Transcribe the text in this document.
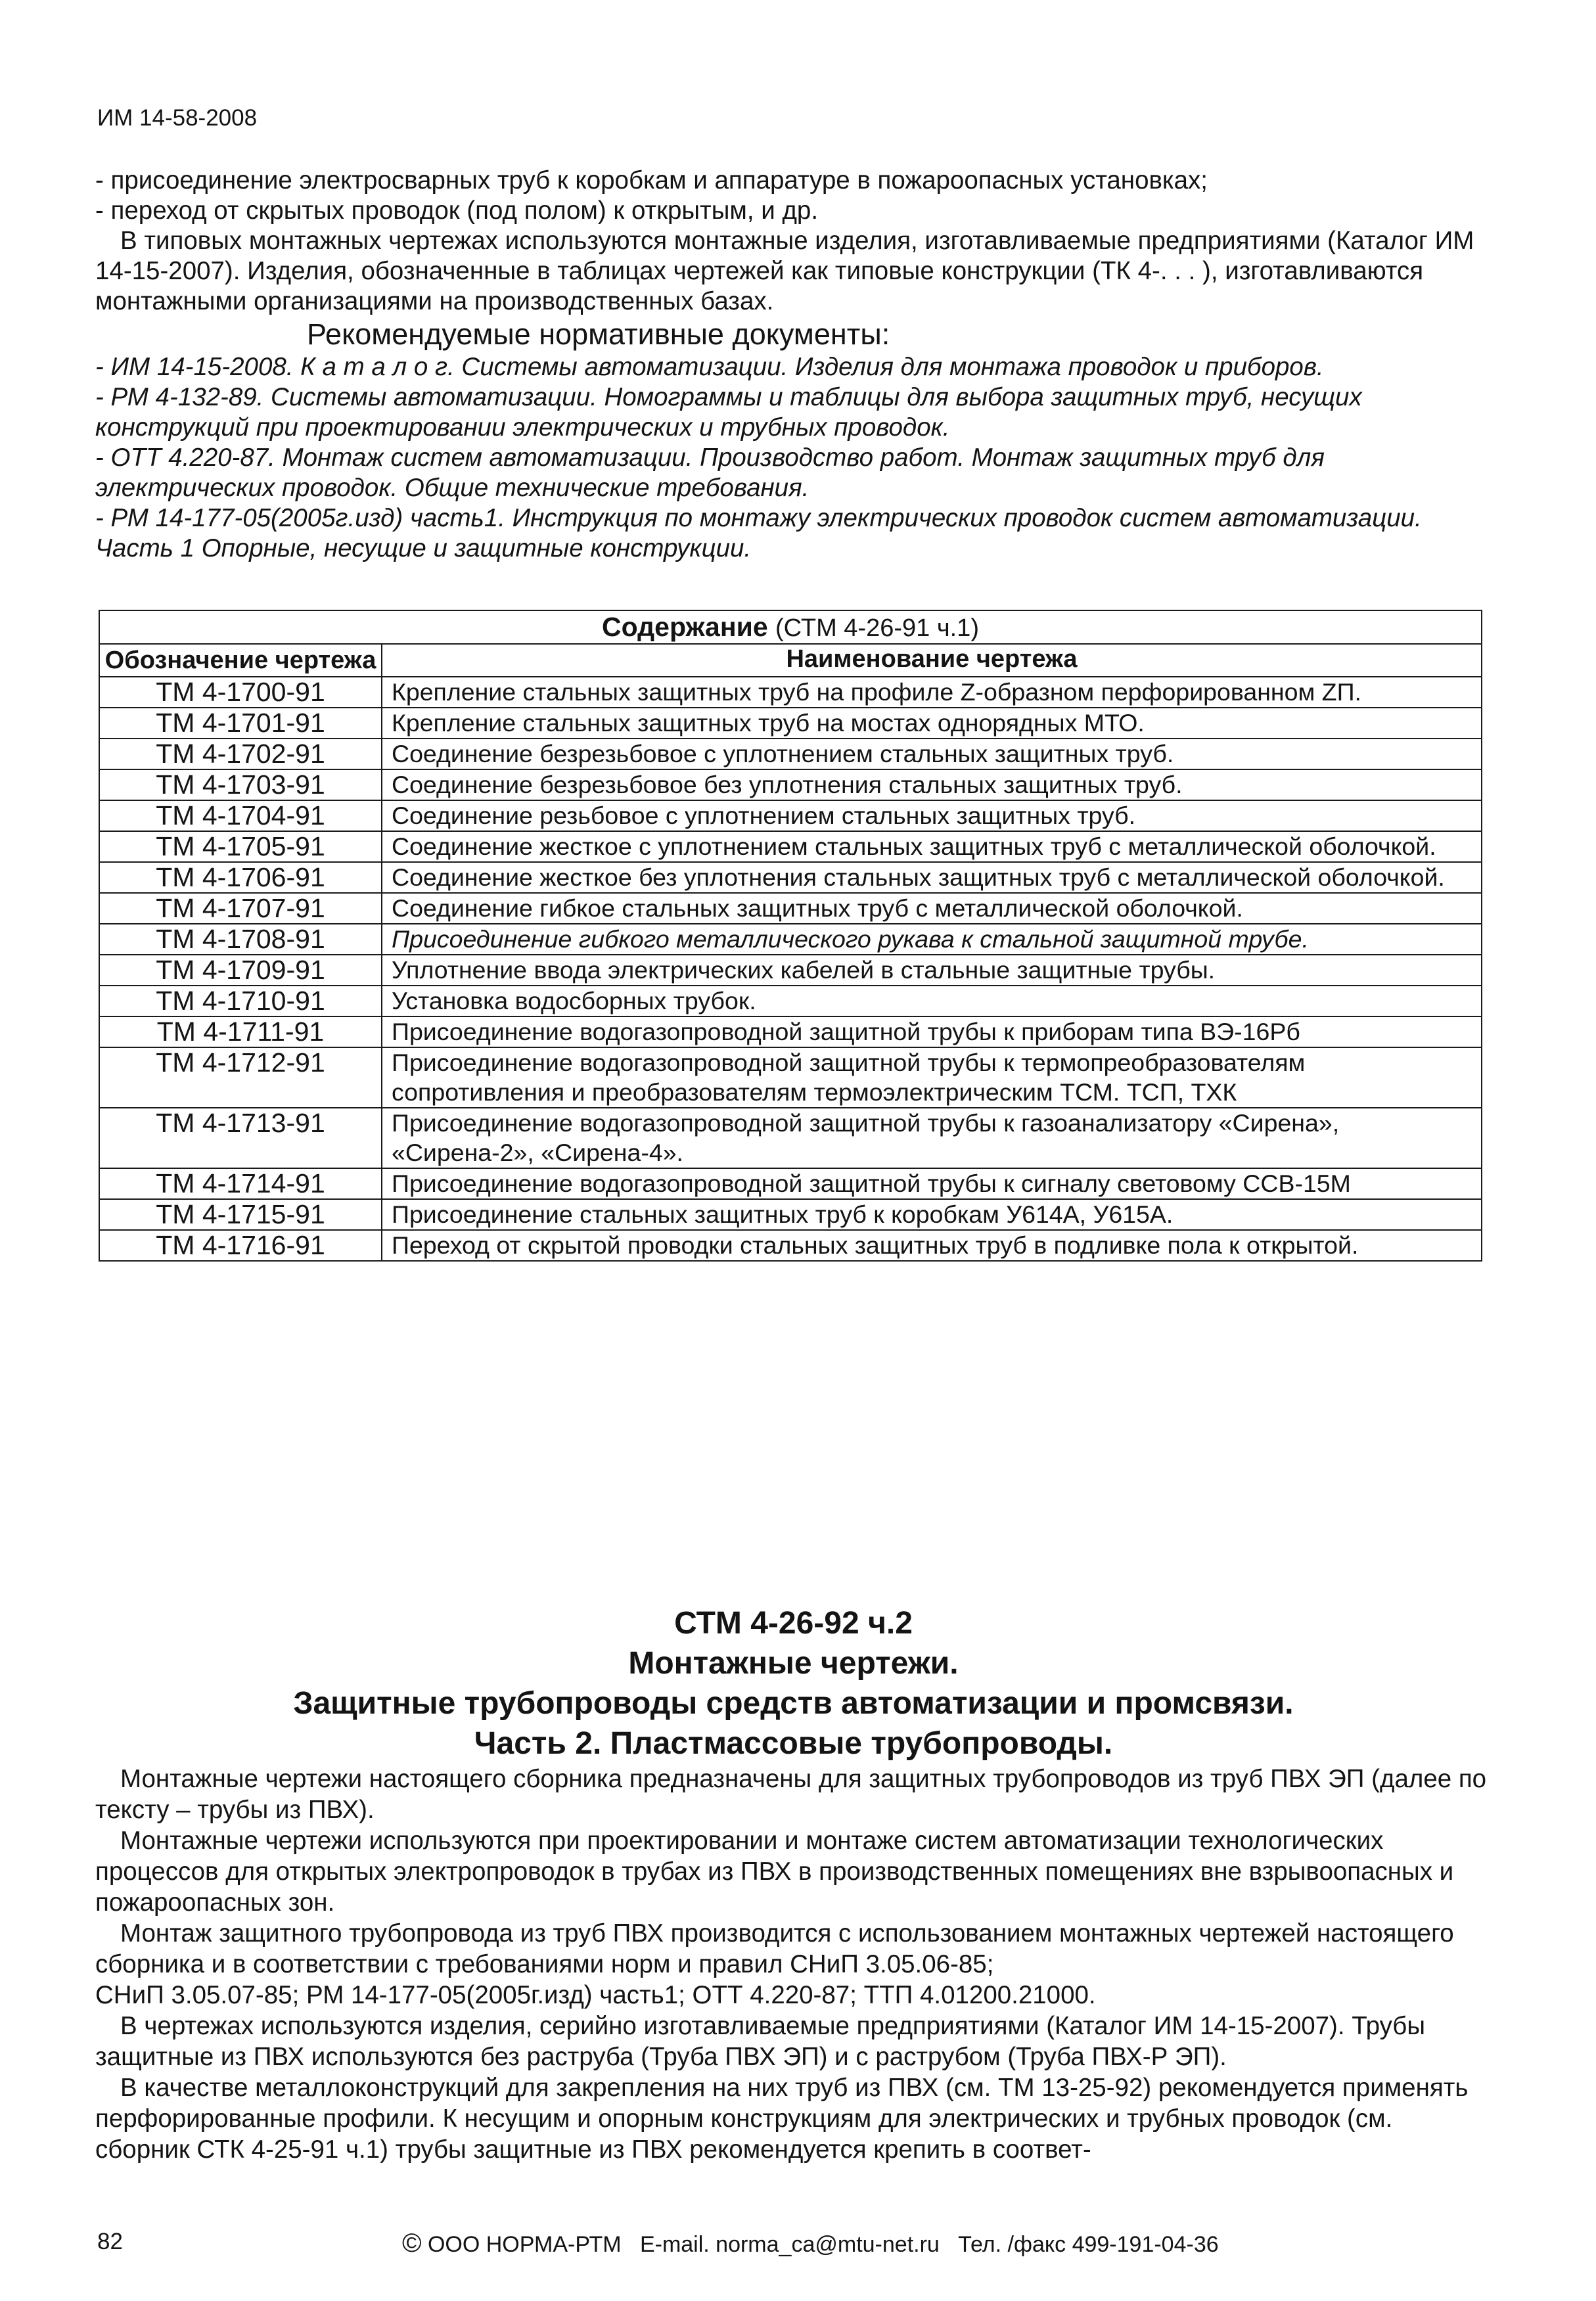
ИМ 14-58-2008

- присоединение электросварных труб к коробкам и аппаратуре в пожароопасных установках;

- переход от скрытых проводок (под полом) к открытым, и др.

В типовых монтажных чертежах используются монтажные изделия, изготавливаемые предприятиями (Каталог ИМ 14-15-2007). Изделия, обозначенные в таблицах чертежей как типовые конструкции (ТК 4-. . . ), изготавливаются монтажными организациями на производственных базах.

Рекомендуемые нормативные документы:

- ИМ 14-15-2008. К а т а л о г. Системы автоматизации. Изделия для монтажа проводок и приборов.

- РМ 4-132-89. Системы автоматизации. Номограммы и таблицы для выбора защитных труб, несущих конструкций при проектировании электрических и трубных проводок.

- ОТТ 4.220-87. Монтаж систем автоматизации. Производство работ. Монтаж защитных труб для электрических проводок. Общие технические требования.

- РМ 14-177-05(2005г.изд) часть1. Инструкция по монтажу электрических проводок систем автоматизации. Часть 1 Опорные, несущие и защитные конструкции.

Содержание (СТМ 4-26-91 ч.1)	
Обозначение чертежа	Наименование чертежа
ТМ 4-1700-91	Крепление стальных защитных труб на профиле Z-образном перфорированном ZП.
ТМ 4-1701-91	Крепление стальных защитных труб на мостах однорядных МТО.
ТМ 4-1702-91	Соединение безрезьбовое с уплотнением стальных защитных труб.
ТМ 4-1703-91	Соединение безрезьбовое без уплотнения стальных защитных труб.
ТМ 4-1704-91	Соединение резьбовое с уплотнением стальных защитных труб.
ТМ 4-1705-91	Соединение жесткое с уплотнением стальных защитных труб с металлической оболочкой.
ТМ 4-1706-91	Соединение жесткое без уплотнения стальных защитных труб с металлической оболочкой.
ТМ 4-1707-91	Соединение гибкое стальных защитных труб с металлической оболочкой.
ТМ 4-1708-91	Присоединение гибкого металлического рукава к стальной защитной трубе.
ТМ 4-1709-91	Уплотнение ввода электрических кабелей в стальные защитные трубы.
ТМ 4-1710-91	Установка водосборных трубок.
ТМ 4-1711-91	Присоединение водогазопроводной защитной трубы к приборам типа ВЭ-16Рб
ТМ 4-1712-91	Присоединение водогазопроводной защитной трубы к термопреобразователям сопротивления и преобразователям термоэлектрическим ТСМ. ТСП, ТХК
ТМ 4-1713-91	Присоединение водогазопроводной защитной трубы к газоанализатору «Сирена», «Сирена-2», «Сирена-4».
ТМ 4-1714-91	Присоединение водогазопроводной защитной трубы к сигналу световому ССВ-15М
ТМ 4-1715-91	Присоединение стальных защитных труб к коробкам У614А, У615А.
ТМ 4-1716-91	Переход от скрытой проводки стальных защитных труб в подливке пола к открытой.

СТМ 4-26-92 ч.2

Монтажные чертежи.

Защитные трубопроводы средств автоматизации и промсвязи.

Часть 2. Пластмассовые трубопроводы.

Монтажные чертежи настоящего сборника предназначены для защитных трубопроводов из труб ПВХ ЭП (далее по тексту – трубы из ПВХ).

Монтажные чертежи используются при проектировании и монтаже систем автоматизации технологических процессов для открытых электропроводок в трубах из ПВХ в производственных помещениях вне взрывоопасных и пожароопасных зон.

Монтаж защитного трубопровода из труб ПВХ производится с использованием монтажных чертежей настоящего сборника и в соответствии с требованиями норм и правил СНиП 3.05.06-85;

СНиП 3.05.07-85; РМ 14-177-05(2005г.изд) часть1; ОТТ 4.220-87; ТТП 4.01200.21000.

В чертежах используются изделия, серийно изготавливаемые предприятиями (Каталог ИМ 14-15-2007). Трубы защитные из ПВХ используются без раструба (Труба ПВХ ЭП) и с раструбом (Труба ПВХ-Р ЭП).

В качестве металлоконструкций для закрепления на них труб из ПВХ (см. ТМ 13-25-92) рекомендуется применять перфорированные профили. К несущим и опорным конструкциям для электрических и трубных проводок (см. сборник СТК 4-25-91 ч.1) трубы защитные из ПВХ рекомендуется крепить в соответ-

82	© ООО НОРМА-РТМ E-mail. norma_ca@mtu-net.ru Тел. /факс 499-191-04-36
